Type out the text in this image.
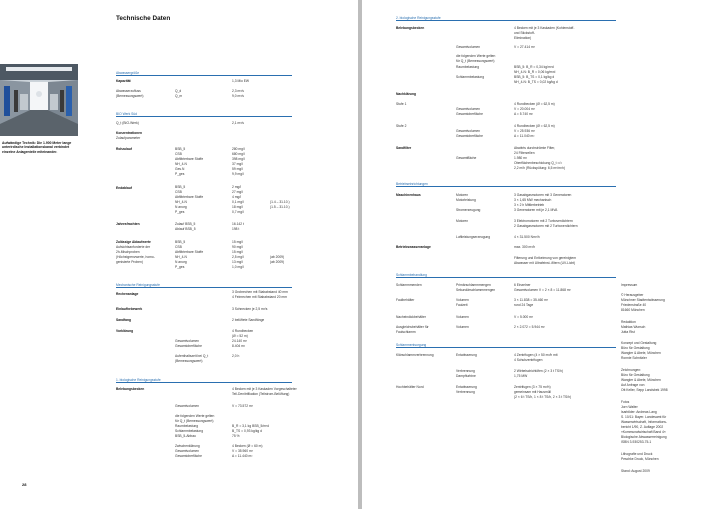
Technische Daten
Aufwändige Technik: Die 1.900 Meter lange unterirdische Installationskanal verbindet einzelne Anlagenteile miteinander.
Abwassergröße
Kapazität	1,3 Mio EW
Abwasserzufluss	Q_d	2,3 m³/s
(Bemessungswert)	Q_m	9,0 m³/s
BIO Werk Süd
Q_t (BIO-Werk)	2,1 m³/s
Konzentrationen
Zulaufparameter
Rohzulauf	BSB_5	280 mg/l
CSB	680 mg/l
Abfiltrierbare Stoffe	398 mg/l
NH_4-N	37 mg/l
Ges.N	59 mg/l
P_ges	9,9 mg/l
Endablauf	BSB_5	2 mg/l
CSB	27 mg/l
Abfiltrierbare Stoffe	4 mg/l
NH_4-N	0,1 mg/l	(1.4 – 31.10.)
N anorg	18 mg/l	(1.5 – 31.10.)
P_ges	0,7 mg/l
Jahresfrachten	Zulauf BSB_5	16.142 t
Ablauf BSB_5	198 t
Zulässige Ablaufwerte	BSB_5	15 mg/l
Aufsichtsanforderte der	CSB	90 mg/l
2h-Mischproben	Abfiltrierbare Stoffe	15 mg/l
(Höchstgrenzwerte, homo-	NH_4-N	2,5 mg/l	(ab 2009)
genisierte Proben)	N anorg	13 mg/l	(ab 2009)
P_ges	1,0 mg/l
Mechanische Reinigungsstufe
Rechenanlage	3 Grobrechen mit Stababstand 40 mm
4 Feinrechen mit Stababstand 20 mm
Einlaufhebewerk	3 Schnecken je 2,5 m³/s
Sandfang	2 belüftete Sandfänge
Vorklärung	4 Rundbecken
(Ø = 52 m)
Gesamtvolumen	24.140 m³
Gesamtoberfläche	8.404 m²
Aufenthaltszeit bei Q_t	2,0 h
(Bemessungswert)
1. biologische Reinigungsstufe
Belebungsbecken	4 Becken mit je 3 Kaskaden Vorgeschalteter
Teil-Denitrifikation (Teilstrom-Belüftung)
Gesamtvolumen	V = 73.572 m³
die folgenden Werte gelten
für Q_t (Bemessungswert)
Raumbelastung	B_R = 3,1 kg BSB_5/m³d
Schlammbelastung	B_TS = 0,93 kg/kg d
BSB_5-Abbau	75 %
Zwischenklärung	4 Becken (Ø = 60 m)
Gesamtvolumen	V = 35.960 m³
Gesamtoberfläche	A = 11.440 m²
28
2. biologische Reinigungsstufe
Belebungsbecken	4 Becken mit je 3 Kaskaden (Kohlenstoff-
und Stickstoff-
Elimination)
Gesamtvolumen	V = 27.414 m³
die folgenden Werte gelten
für Q_t (Bemessungswert)
Raumbelastung	BSB_5: B_R = 0,34 kg/m³d
NH_4-N: B_R = 0,06 kg/m³d
Schlammbelastung	BSB_5: B_TS = 0,1 kg/kg d
NH_4-N: B_TS = 0,02 kg/kg d
Nachklärung
Stufe 1	4 Rundbecken (Ø = 62,5 m)
Gesamtvolumen	V = 20.004 m³
Gesamtoberfläche	A = 5.740 m²
Stufe 2	4 Rundbecken (Ø = 62,5 m)
Gesamtvolumen	V = 25.936 m³
Gesamtoberfläche	A = 11.040 m²
Sandfilter	Abwärts durchströmte Filter,
24 Filterzellen
Gesamtfläche	1.980 m²
Oberflächenbeschickung Q_t =/=
2,2 m/h (Rückspülung: 6,5 m³/m²h)
Betriebseinrichtungen
Maschinenhaus	Motoren	3 Gasabgasmotoren mit 3 Generatoren
Motorleistung	3 × 1,65 MW mechanisch
3 × 2 h Mittlerbetrieb
Stromerzeugung	3 Generatoren mit je 2,1 MVA
Motoren	3 Elektromotoren mit 2 Turboverdichtern
2 Gasabgasmotoren mit 2 Turboverdichtern
Luftleistungserzeugung	4 × 31.500 Nm³/h
Betriebswasseranlage	max. 300 m³/h
Filterung und Entkeimung von gereinigtem
Abwasser mit Ultrafeinst.-filtern (UV-Licht)
Schlammbehandlung
Schlammmenden	Primärschlammmengen	6 Einzelner
Sekundärschlammmengen	Gesamtvolumen V = 2 × 8 = 11.868 m³
Faulbehälter	Volumen	3 × 11.838 = 35.460 m³
Faulzeit	rund 24 Tage
Nacheindickbehälter	Volumen	V = 5.000 m³
Ausgleichsbehälter für	Volumen	2 × 2.072 = 5.944 m³
Faulschlamm
Schlammentsorgung
Klärschlammverbrennung	Entwässerung	4 Zentrifugen (4 × 50 m³/h mit
4 Schubzentrifugen
Verbrennung	2 Wirbelschichtöfen (2 × 3 t TS/h)
Dampfturbine	1,75 MW
Hochbehälter Nord	Entwässerung	Zentrifugen (3 × 75 m³/h)
Verbrennung	gemeinsam mit Hausmüll
(2 × 6 t TS/h, 1 × 8 t TS/h, 2 × 3 t TS/h)
Impressum
© Herausgeber
Münchner Stadtentwässerung
Friedenstraße 40
81660 München
Redaktion
Mathias Wunsch
Jutta Rist
Konzept und Gestaltung
Büro für Gestaltung
Wangler & Abele, München
Ronnie Schnitzler
Zeichnungen:
Büro für Gestaltung
Wangler & Abele, München
Auf Anfrage von
Ott Keller, Sepp Landsbek 1998
Fotos
Jorn Walter
Isarbilder: Andreas Lang
S. 10/11: Bayer. Landesamt für
Wasserwirtschaft, Informations-
bericht 1/90, Z. Auflage 2002
»Kommunalwirtschaft Band 4«
Biologische Abwasserreinigung
ISBN 3-930253-75-1
Lithografie und Druck
Peschke Druck, München
Stand: August 2009
